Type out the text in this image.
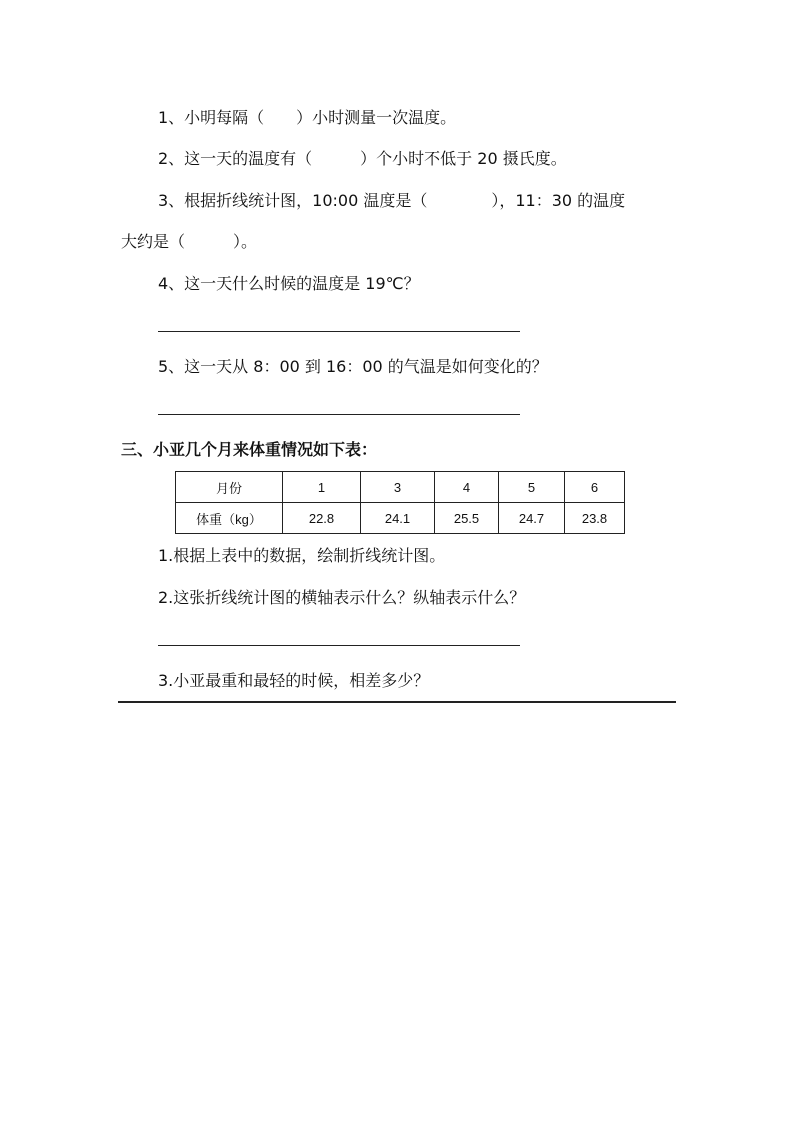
1、小明每隔（　　）小时测量一次温度。
2、这一天的温度有（　　　）个小时不低于 20 摄氏度。
3、根据折线统计图，10:00 温度是（　　　　），11：30 的温度
大约是（　　　）。
4、这一天什么时候的温度是 19℃？
5、这一天从 8：00 到 16：00 的气温是如何变化的？
三、小亚几个月来体重情况如下表：
月份	1	3	4	5	6
体重（kg）	22.8	24.1	25.5	24.7	23.8
1.根据上表中的数据，绘制折线统计图。
2.这张折线统计图的横轴表示什么？纵轴表示什么？
3.小亚最重和最轻的时候，相差多少？
